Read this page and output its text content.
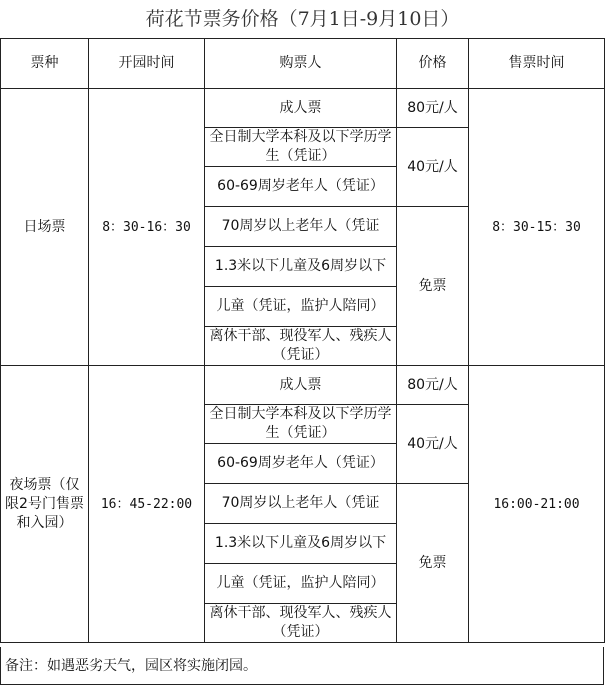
荷花节票务价格（7月1日-9月10日）
票种	开园时间	购票人	价格	售票时间
日场票	8：30-16：30	成人票	80元/人	8：30-15：30
		全日制大学本科及以下学历学生（凭证）	40元/人	
		60-69周岁老年人（凭证）		
		70周岁以上老年人（凭证	免票	
		1.3米以下儿童及6周岁以下		
		儿童（凭证，监护人陪同）		
		离休干部、现役军人、残疾人（凭证）		
夜场票（仅限2号门售票和入园）	16：45-22:00	成人票	80元/人	16:00-21:00
		全日制大学本科及以下学历学生（凭证）	40元/人	
		60-69周岁老年人（凭证）		
		70周岁以上老年人（凭证	免票	
		1.3米以下儿童及6周岁以下		
		儿童（凭证，监护人陪同）		
		离休干部、现役军人、残疾人（凭证）		
备注：如遇恶劣天气，园区将实施闭园。
